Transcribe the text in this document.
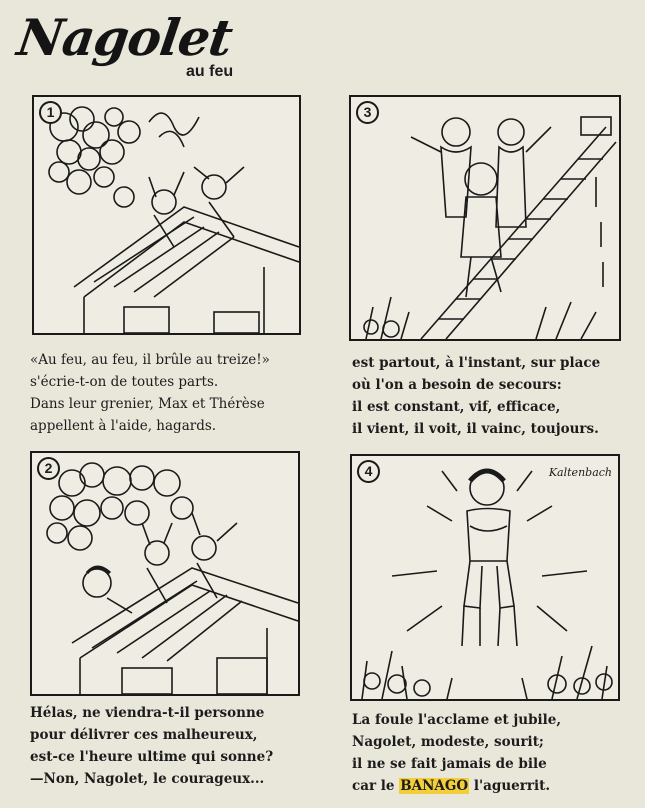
Nagolet
au feu
1	3
2	4	Kaltenbach
«Au feu, au feu, il brûle au treize!»
s'écrie-t-on de toutes parts.
Dans leur grenier, Max et Thérèse
appellent à l'aide, hagards.
est partout, à l'instant, sur place
où l'on a besoin de secours:
il est constant, vif, efficace,
il vient, il voit, il vainc, toujours.
Hélas, ne viendra-t-il personne
pour délivrer ces malheureux,
est-ce l'heure ultime qui sonne?
—Non, Nagolet, le courageux...
La foule l'acclame et jubile,
Nagolet, modeste, sourit;
il ne se fait jamais de bile
car le BANAGO l'aguerrit.
